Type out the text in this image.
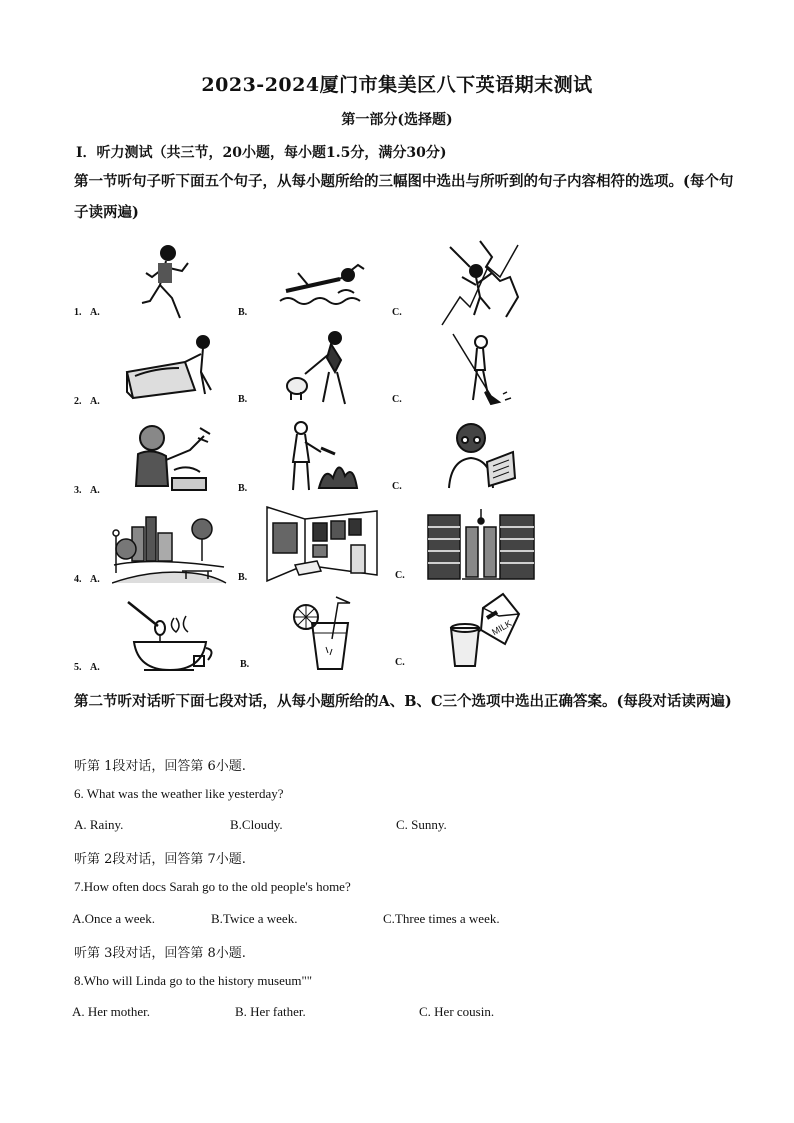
2023-2024厦门市集美区八下英语期末测试
第一部分(选择题)
Ⅰ．听力测试（共三节，20小题，每小题1.5分，满分30分)
第一节听句子听下面五个句子，从每小题所给的三幅图中选出与所听到的句子内容相符的选项。(每个句子读两遍)
1. A.	B.	C.
2. A.	B.	C.
3. A.	B.	C.
4. A.	B.	C.
5. A.	B.	C.
MILK
第二节听对话听下面七段对话，从每小题所给的A、B、C三个选项中选出正确答案。(每段对话读两遍)
听第 1段对话，回答第 6小题.
6. What was the weather like yesterday?
A. Rainy.	B.Cloudy.	C. Sunny.
听第 2段对话，回答第 7小题.
7.How often docs Sarah go to the old people's home?
A.Once a week.	B.Twice a week.	C.Three times a week.
听第 3段对话，回答第 8小题.
8.Who will Linda go to the history museum""
A. Her mother.	B. Her father.	C. Her cousin.
